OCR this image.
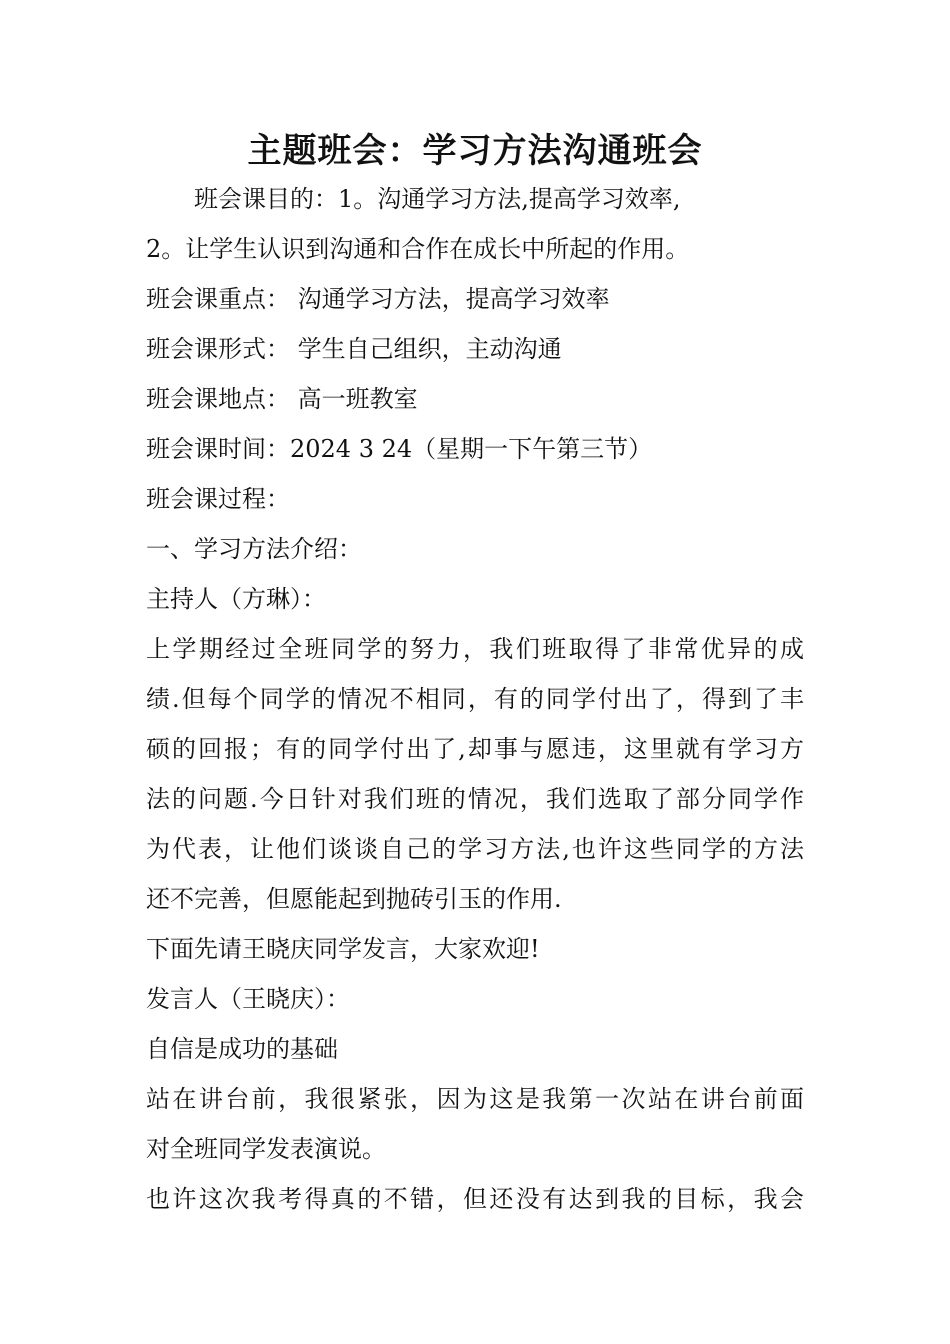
主题班会：学习方法沟通班会
班会课目的：1。沟通学习方法,提高学习效率,
2。让学生认识到沟通和合作在成长中所起的作用。
班会课重点： 沟通学习方法，提高学习效率
班会课形式： 学生自己组织，主动沟通
班会课地点： 高一班教室
班会课时间：2024 3 24（星期一下午第三节）
班会课过程：
一、学习方法介绍：
主持人（方琳）：
上学期经过全班同学的努力，我们班取得了非常优异的成
绩.但每个同学的情况不相同，有的同学付出了，得到了丰
硕的回报；有的同学付出了,却事与愿违，这里就有学习方
法的问题.今日针对我们班的情况，我们选取了部分同学作
为代表，让他们谈谈自己的学习方法,也许这些同学的方法
还不完善，但愿能起到抛砖引玉的作用.
下面先请王晓庆同学发言，大家欢迎!
发言人（王晓庆）：
自信是成功的基础
站在讲台前，我很紧张，因为这是我第一次站在讲台前面
对全班同学发表演说。
也许这次我考得真的不错，但还没有达到我的目标，我会
